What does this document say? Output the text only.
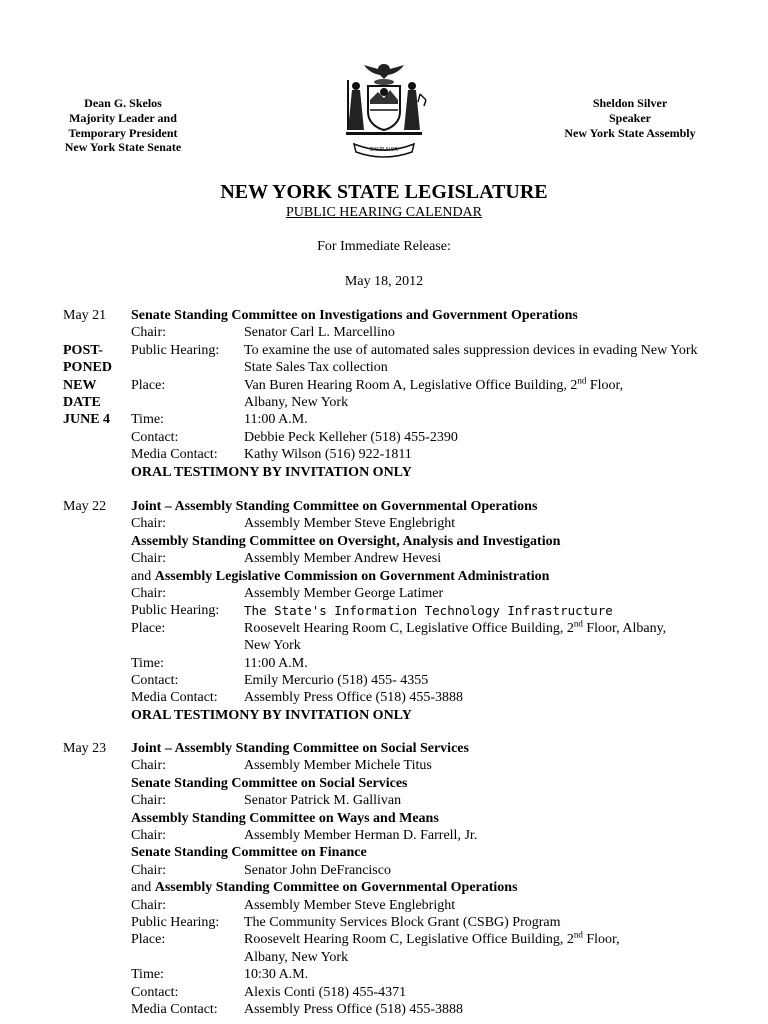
Dean G. Skelos
Majority Leader and
Temporary President
New York State Senate	EXCELSIOR
Sheldon Silver
Speaker
New York State Assembly
NEW YORK STATE LEGISLATURE
PUBLIC HEARING CALENDAR
For Immediate Release:
May 18, 2012
May 21	Senate Standing Committee on Investigations and Government Operations
Chair:	Senator Carl L. Marcellino
POST-	Public Hearing:	To examine the use of automated sales suppression devices in evading New York State Sales Tax collection
PONED
NEW	Place:	Van Buren Hearing Room A, Legislative Office Building, 2nd Floor,
DATE	Albany, New York
JUNE 4	Time:	11:00 A.M.
Contact:	Debbie Peck Kelleher (518) 455-2390
Media Contact:	Kathy Wilson (516) 922-1811
ORAL TESTIMONY BY INVITATION ONLY
May 22	Joint – Assembly Standing Committee on Governmental Operations
Chair:	Assembly Member Steve Englebright
Assembly Standing Committee on Oversight, Analysis and Investigation
Chair:	Assembly Member Andrew Hevesi
and Assembly Legislative Commission on Government Administration
Chair:	Assembly Member George Latimer
Public Hearing:	The State's Information Technology Infrastructure
Place:	Roosevelt Hearing Room C, Legislative Office Building, 2nd Floor, Albany,
New York
Time:	11:00 A.M.
Contact:	Emily Mercurio (518) 455- 4355
Media Contact:	Assembly Press Office (518) 455-3888
ORAL TESTIMONY BY INVITATION ONLY
May 23	Joint – Assembly Standing Committee on Social Services
Chair:	Assembly Member Michele Titus
Senate Standing Committee on Social Services
Chair:	Senator Patrick M. Gallivan
Assembly Standing Committee on Ways and Means
Chair:	Assembly Member Herman D. Farrell, Jr.
Senate Standing Committee on Finance
Chair:	Senator John DeFrancisco
and Assembly Standing Committee on Governmental Operations
Chair:	Assembly Member Steve Englebright
Public Hearing:	The Community Services Block Grant (CSBG) Program
Place:	Roosevelt Hearing Room C, Legislative Office Building, 2nd Floor,
Albany, New York
Time:	10:30 A.M.
Contact:	Alexis Conti (518) 455-4371
Media Contact:	Assembly Press Office (518) 455-3888
